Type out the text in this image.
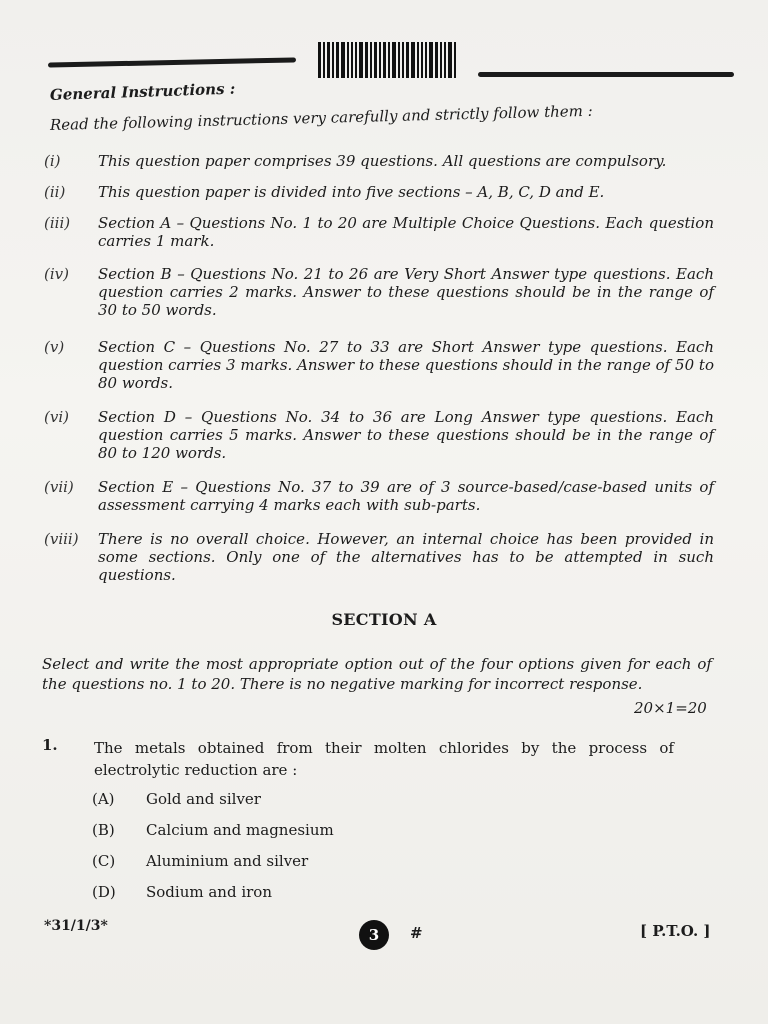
General Instructions :
Read the following instructions very carefully and strictly follow them :
(i)	This question paper comprises 39 questions. All questions are compulsory.
(ii)	This question paper is divided into five sections – A, B, C, D and E.
(iii)	Section A – Questions No. 1 to 20 are Multiple Choice Questions. Each question carries 1 mark.
(iv)	Section B – Questions No. 21 to 26 are Very Short Answer type questions. Each question carries 2 marks. Answer to these questions should be in the range of 30 to 50 words.
(v)	Section C – Questions No. 27 to 33 are Short Answer type questions. Each question carries 3 marks. Answer to these questions should in the range of 50 to 80 words.
(vi)	Section D – Questions No. 34 to 36 are Long Answer type questions. Each question carries 5 marks. Answer to these questions should be in the range of 80 to 120 words.
(vii)	Section E – Questions No. 37 to 39 are of 3 source-based/case-based units of assessment carrying 4 marks each with sub-parts.
(viii)	There is no overall choice. However, an internal choice has been provided in some sections. Only one of the alternatives has to be attempted in such questions.
SECTION A
Select and write the most appropriate option out of the four options given for each of the questions no. 1 to 20. There is no negative marking for incorrect response.
20×1=20
1. The metals obtained from their molten chlorides by the process of electrolytic reduction are :
(A) Gold and silver
(B) Calcium and magnesium
(C) Aluminium and silver
(D) Sodium and iron
*31/1/3*	3	#	[ P.T.O. ]
